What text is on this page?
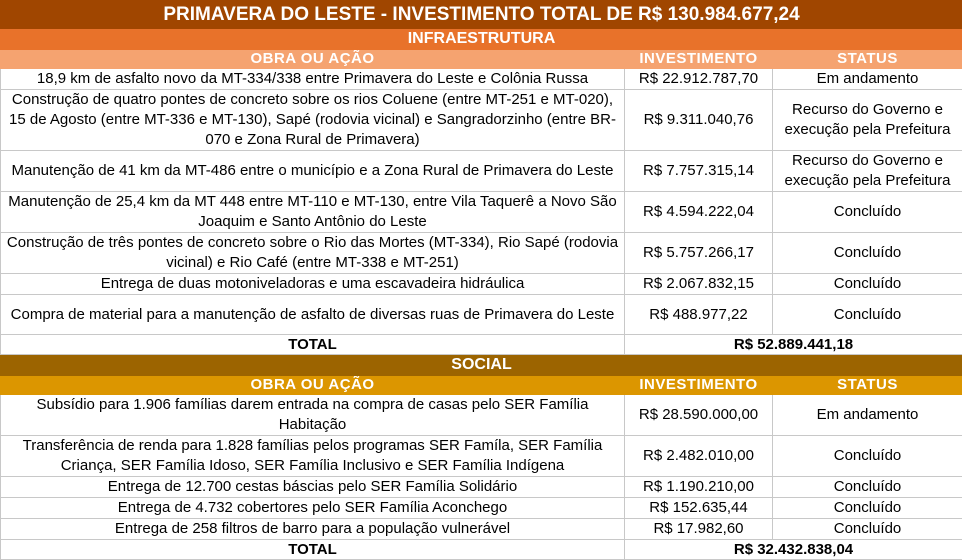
PRIMAVERA DO LESTE - INVESTIMENTO TOTAL DE R$ 130.984.677,24		
INFRAESTRUTURA		
OBRA OU AÇÃO	INVESTIMENTO	STATUS
18,9 km de asfalto novo da MT-334/338 entre Primavera do Leste e Colônia Russa	R$ 22.912.787,70	Em andamento
Construção de quatro pontes de concreto sobre os rios Coluene (entre MT-251 e MT-020), 15 de Agosto (entre MT-336 e MT-130), Sapé (rodovia vicinal) e Sangradorzinho (entre BR-070 e Zona Rural de Primavera)	R$ 9.311.040,76	Recurso do Governo e execução pela Prefeitura
Manutenção de 41 km da MT-486 entre o município e a Zona Rural de Primavera do Leste	R$ 7.757.315,14	Recurso do Governo e execução pela Prefeitura
Manutenção de 25,4 km da MT 448 entre MT-110 e MT-130, entre Vila Taquerê a Novo São Joaquim e Santo Antônio do Leste	R$ 4.594.222,04	Concluído
Construção de três pontes de concreto sobre o Rio das Mortes (MT-334), Rio Sapé (rodovia vicinal) e Rio Café (entre MT-338 e MT-251)	R$ 5.757.266,17	Concluído
Entrega de duas motoniveladoras e uma escavadeira hidráulica	R$ 2.067.832,15	Concluído
Compra de material para a manutenção de asfalto de diversas ruas de Primavera do Leste	R$ 488.977,22	Concluído
TOTAL	R$ 52.889.441,18	
SOCIAL		
OBRA OU AÇÃO	INVESTIMENTO	STATUS
Subsídio para 1.906 famílias darem entrada na compra de casas pelo SER Família Habitação	R$ 28.590.000,00	Em andamento
Transferência de renda para 1.828 famílias pelos programas SER Famíla, SER Família Criança, SER Família Idoso, SER Família Inclusivo e SER Família Indígena	R$ 2.482.010,00	Concluído
Entrega de 12.700 cestas báscias pelo SER Família Solidário	R$ 1.190.210,00	Concluído
Entrega de 4.732 cobertores pelo SER Família Aconchego	R$ 152.635,44	Concluído
Entrega de 258 filtros de barro para a população vulnerável	R$ 17.982,60	Concluído
TOTAL	R$ 32.432.838,04	
